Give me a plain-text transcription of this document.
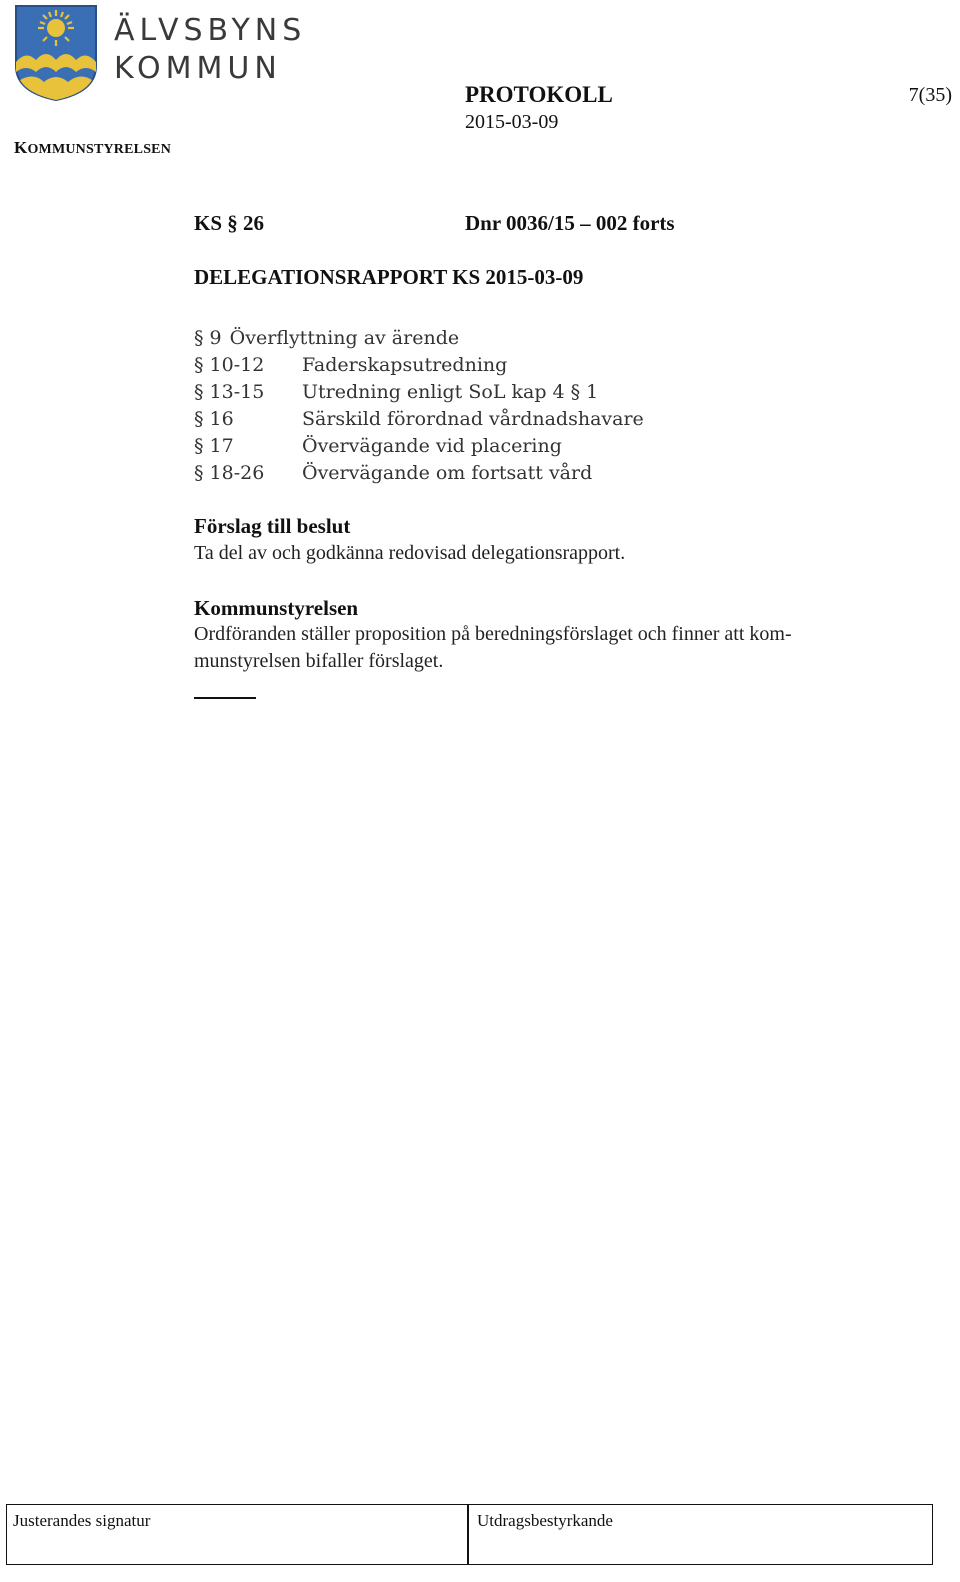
ÄLVSBYNS
KOMMUN
PROTOKOLL
2015-03-09
7(35)
KOMMUNSTYRELSEN
KS § 26	Dnr 0036/15 – 002 forts
DELEGATIONSRAPPORT KS 2015-03-09
§ 9 Överflyttning av ärende
§ 10-12 Faderskapsutredning
§ 13-15 Utredning enligt SoL kap 4 § 1
§ 16	Särskild förordnad vårdnadshavare
§ 17	Övervägande vid placering
§ 18-26 Övervägande om fortsatt vård
Förslag till beslut
Ta del av och godkänna redovisad delegationsrapport.
Kommunstyrelsen
Ordföranden ställer proposition på beredningsförslaget och finner att kom-
munstyrelsen bifaller förslaget.
Justerandes signatur	Utdragsbestyrkande
